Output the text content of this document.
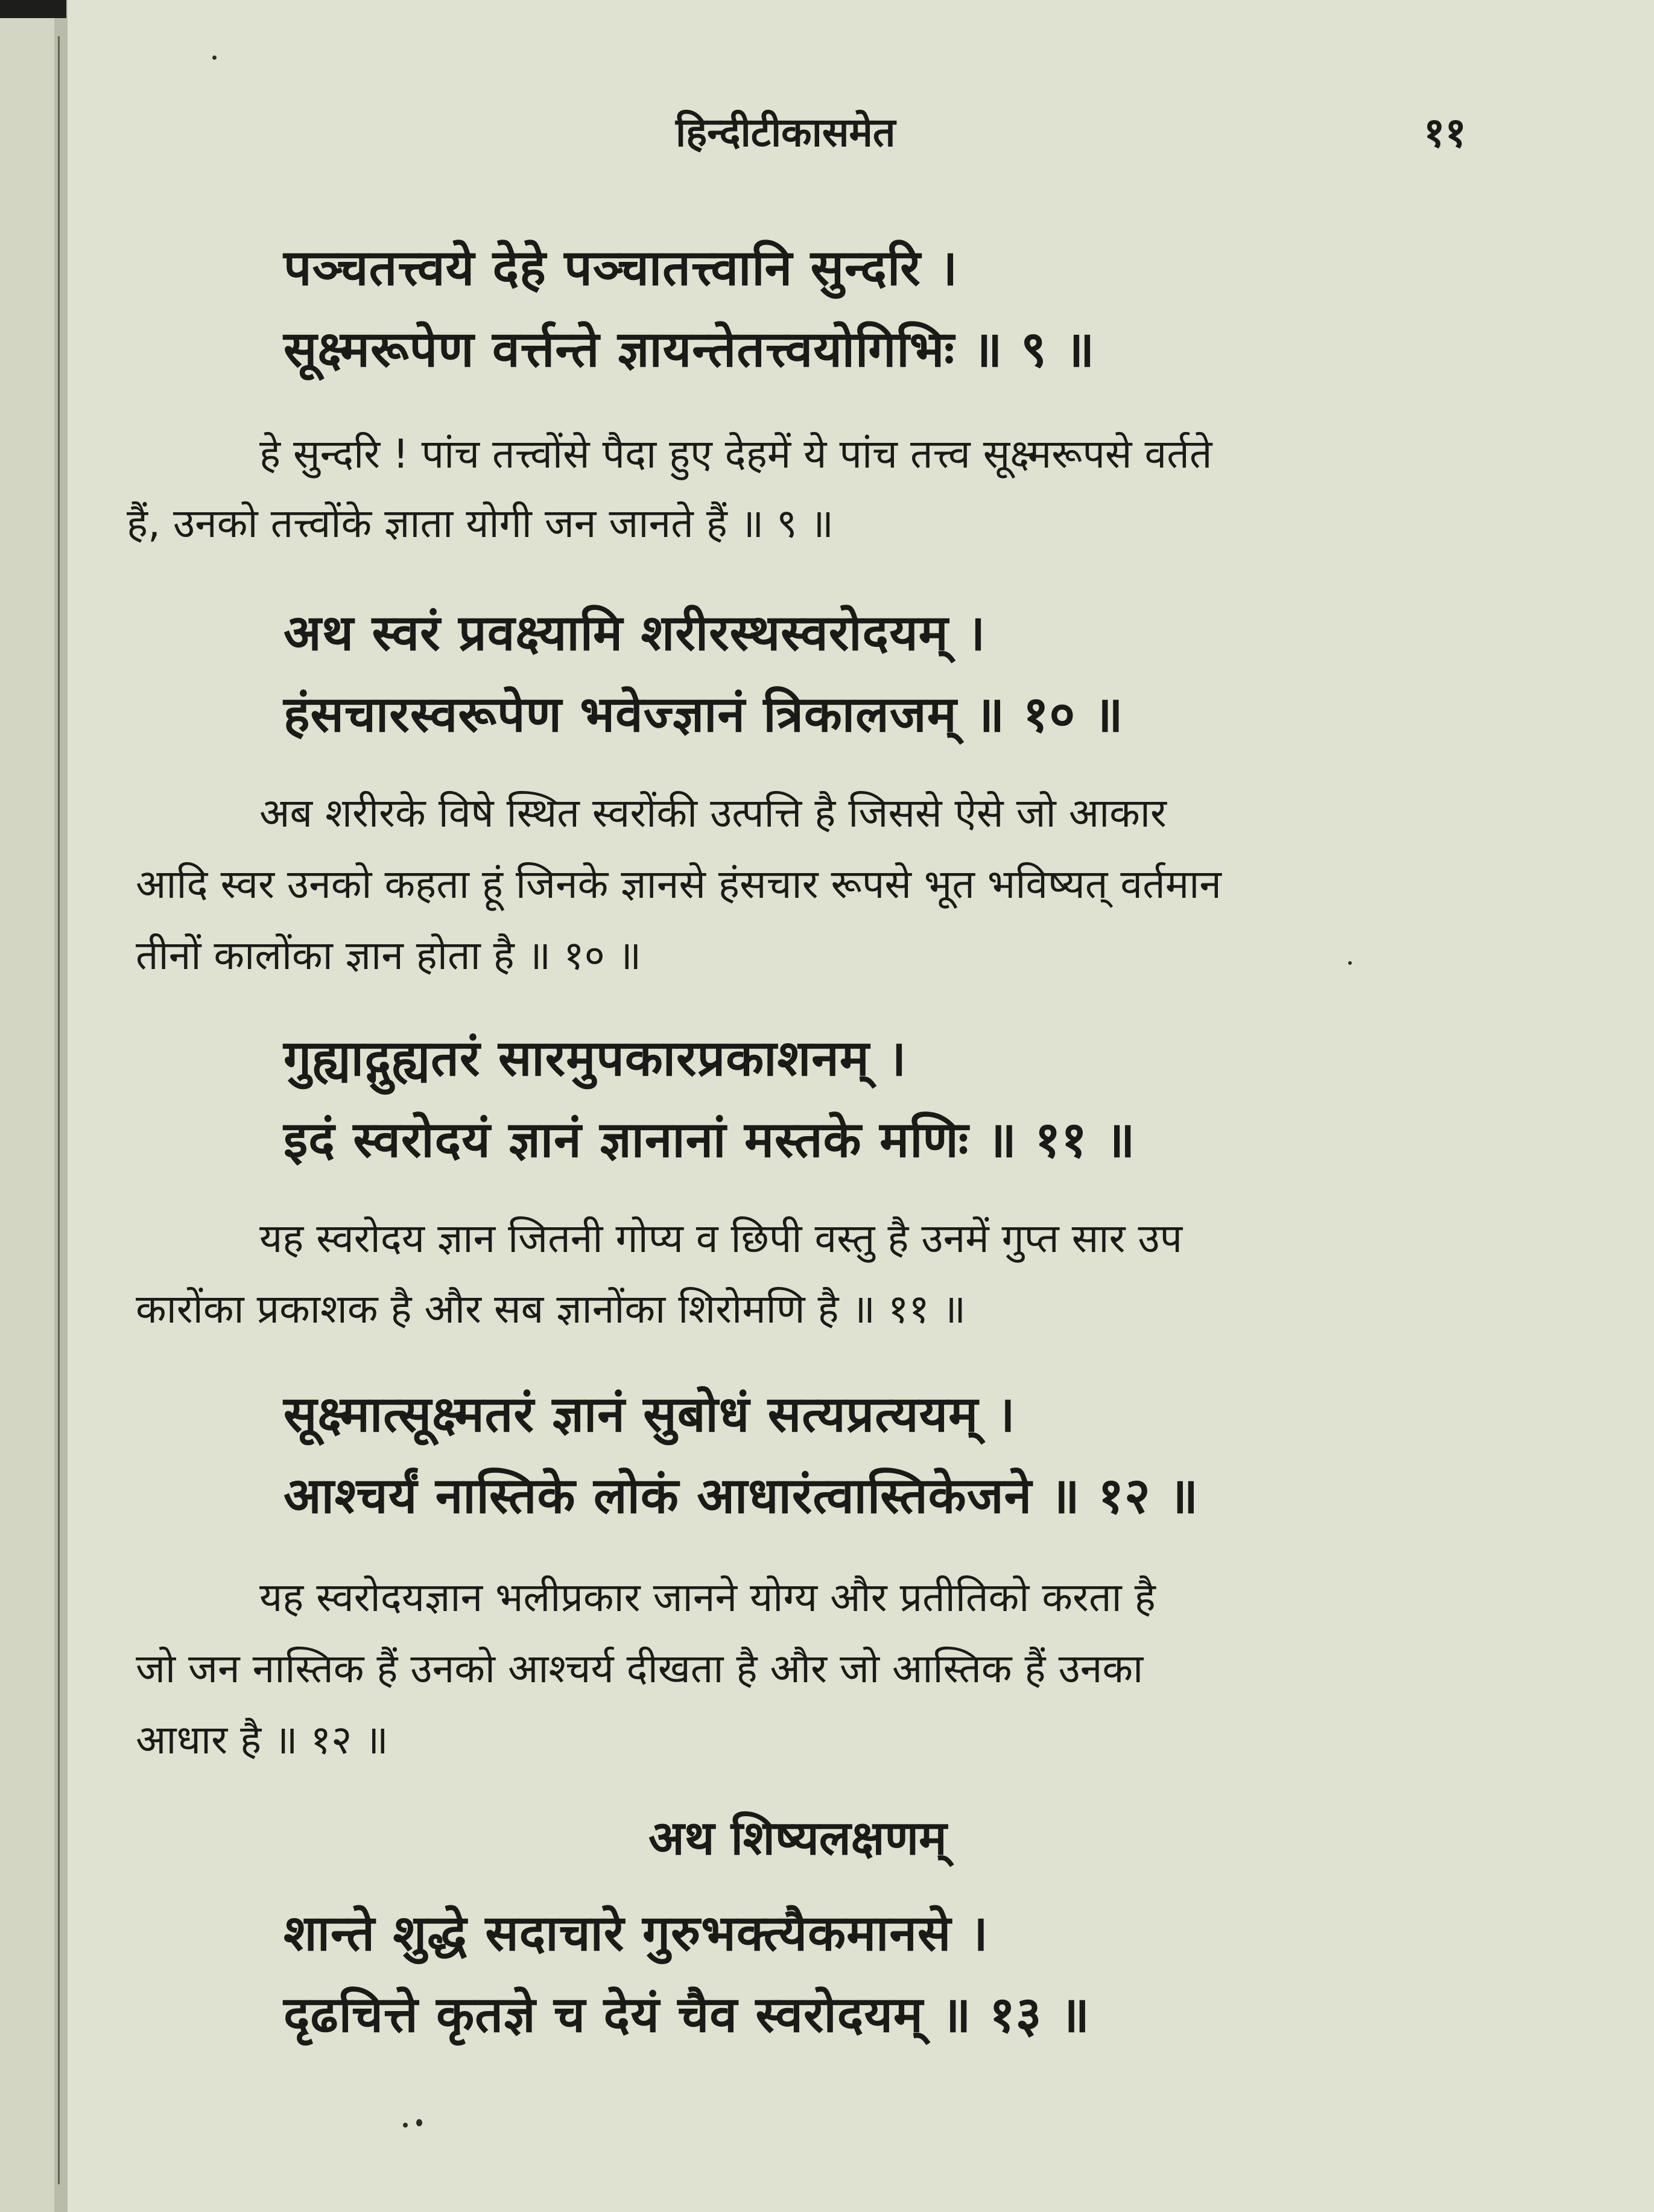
हिन्दीटीकासमेत	११
पञ्चतत्त्वये देहे पञ्चातत्त्वानि सुन्दरि ।
सूक्ष्मरूपेण वर्त्तन्ते ज्ञायन्तेतत्त्वयोगिभिः ॥ ९ ॥
हे सुन्दरि ! पांच तत्त्वोंसे पैदा हुए देहमें ये पांच तत्त्व सूक्ष्मरूपसे वर्तते
हैं, उनको तत्त्वोंके ज्ञाता योगी जन जानते हैं ॥ ९ ॥
अथ स्वरं प्रवक्ष्यामि शरीरस्थस्वरोदयम् ।
हंसचारस्वरूपेण भवेज्ज्ञानं त्रिकालजम् ॥ १० ॥
अब शरीरके विषे स्थित स्वरोंकी उत्पत्ति है जिससे ऐसे जो आकार
आदि स्वर उनको कहता हूं जिनके ज्ञानसे हंसचार रूपसे भूत भविष्यत् वर्तमान
तीनों कालोंका ज्ञान होता है ॥ १० ॥
गुह्याद्गुह्यतरं सारमुपकारप्रकाशनम् ।
इदं स्वरोदयं ज्ञानं ज्ञानानां मस्तके मणिः ॥ ११ ॥
यह स्वरोदय ज्ञान जितनी गोप्य व छिपी वस्तु है उनमें गुप्त सार उप
कारोंका प्रकाशक है और सब ज्ञानोंका शिरोमणि है ॥ ११ ॥
सूक्ष्मात्सूक्ष्मतरं ज्ञानं सुबोधं सत्यप्रत्ययम् ।
आश्चर्यं नास्तिके लोकं आधारंत्वास्तिकेजने ॥ १२ ॥
यह स्वरोदयज्ञान भलीप्रकार जानने योग्य और प्रतीतिको करता है
जो जन नास्तिक हैं उनको आश्चर्य दीखता है और जो आस्तिक हैं उनका
आधार है ॥ १२ ॥
अथ शिष्यलक्षणम्
शान्ते शुद्धे सदाचारे गुरुभक्त्यैकमानसे ।
दृढचित्ते कृतज्ञे च देयं चैव स्वरोदयम् ॥ १३ ॥
